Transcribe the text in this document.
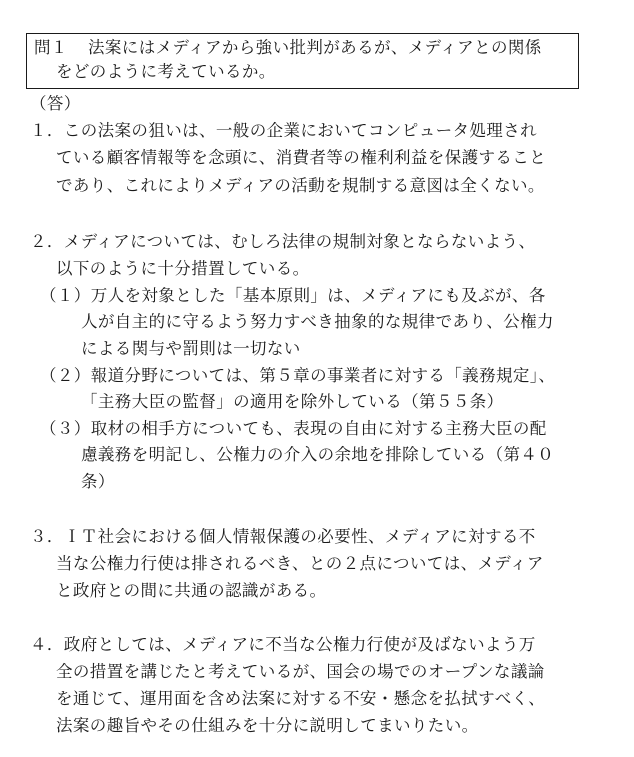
問１ 法案にはメディアから強い批判があるが、メディアとの関係
をどのように考えているか。
（答）
１．この法案の狙いは、一般の企業においてコンピュータ処理され
ている顧客情報等を念頭に、消費者等の権利利益を保護すること
であり、これによりメディアの活動を規制する意図は全くない。
２．メディアについては、むしろ法律の規制対象とならないよう、
以下のように十分措置している。
（１）万人を対象とした「基本原則」は、メディアにも及ぶが、各
人が自主的に守るよう努力すべき抽象的な規律であり、公権力
による関与や罰則は一切ない
（２）報道分野については、第５章の事業者に対する「義務規定」、
「主務大臣の監督」の適用を除外している（第５５条）
（３）取材の相手方についても、表現の自由に対する主務大臣の配
慮義務を明記し、公権力の介入の余地を排除している（第４０
条）
３．ＩＴ社会における個人情報保護の必要性、メディアに対する不
当な公権力行使は排されるべき、との２点については、メディア
と政府との間に共通の認識がある。
４．政府としては、メディアに不当な公権力行使が及ばないよう万
全の措置を講じたと考えているが、国会の場でのオープンな議論
を通じて、運用面を含め法案に対する不安・懸念を払拭すべく、
法案の趣旨やその仕組みを十分に説明してまいりたい。
